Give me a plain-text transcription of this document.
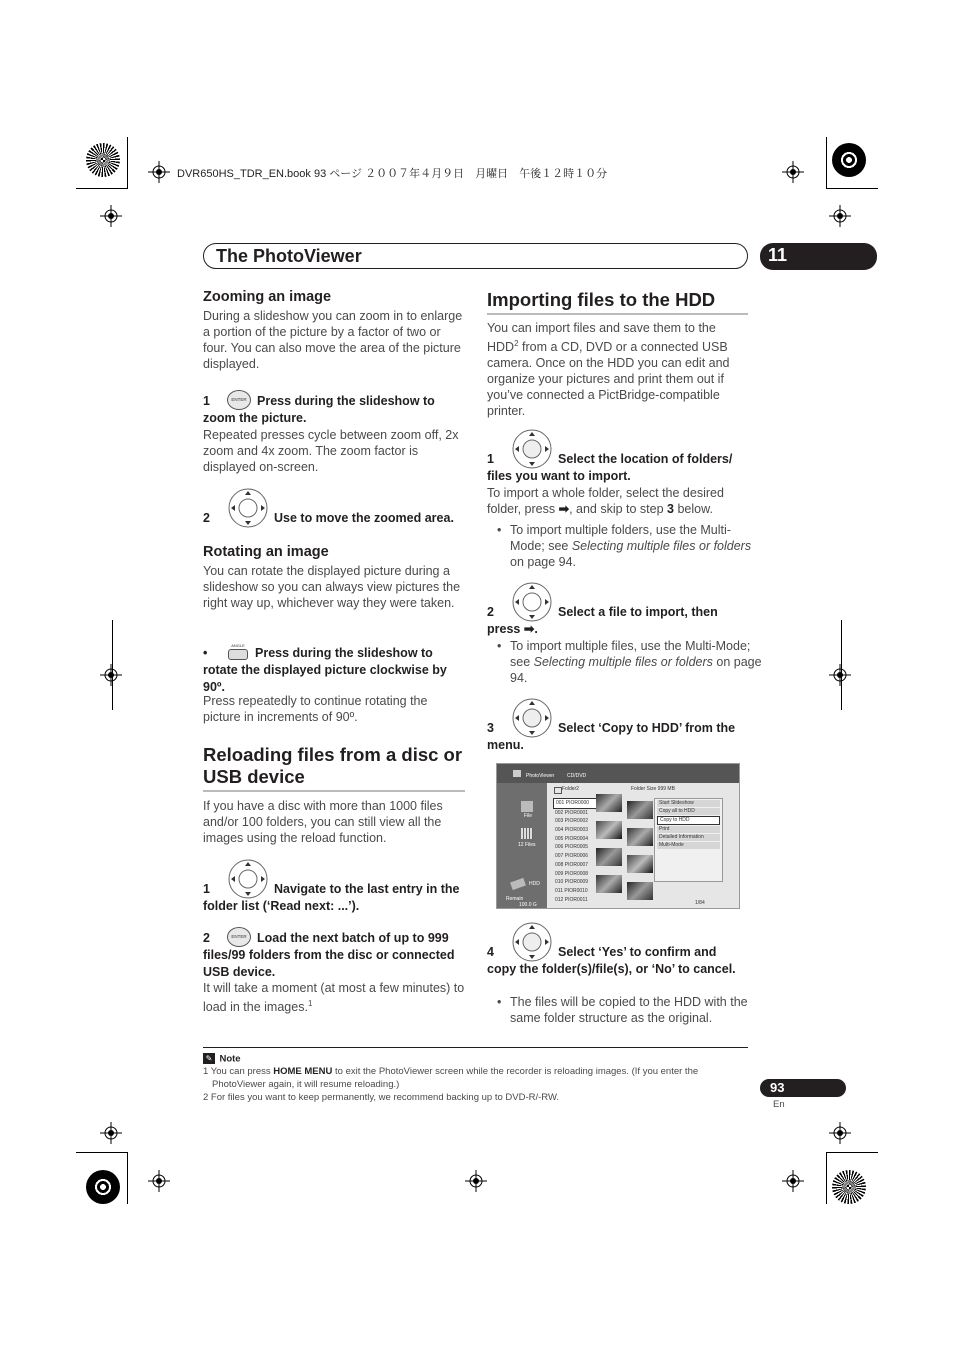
DVR650HS_TDR_EN.book 93 ページ ２００７年４月９日　月曜日　午後１２時１０分
The PhotoViewer	11
Zooming an image
During a slideshow you can zoom in to enlarge a portion of the picture by a factor of two or four. You can also move the area of the picture displayed.
1	ENTER Press during the slideshow to zoom the picture.
Repeated presses cycle between zoom off, 2x zoom and 4x zoom. The zoom factor is displayed on-screen.
2	Use to move the zoomed area.
Rotating an image
You can rotate the displayed picture during a slideshow so you can always view pictures the right way up, whichever way they were taken.
•
ANGLE
Press during the slideshow to rotate the displayed picture clockwise by 90º.
Press repeatedly to continue rotating the picture in increments of 90º.
Reloading files from a disc or USB device
If you have a disc with more than 1000 files and/or 100 folders, you can still view all the images using the reload function.
1	Navigate to the last entry in the folder list (‘Read next: ...’).
2	ENTER Load the next batch of up to 999 files/99 folders from the disc or connected USB device.
It will take a moment (at most a few minutes) to load in the images.$^1$
Importing files to the HDD
You can import files and save them to the HDD$^2$ from a CD, DVD or a connected USB camera. Once on the HDD you can edit and organize your pictures and print them out if you’ve connected a PictBridge-compatible printer.
1	Select the location of folders/ files you want to import.
To import a whole folder, select the desired folder, press ➡, and skip to step 3 below.
• To import multiple folders, use the Multi-Mode; see Selecting multiple files or folders on page 94.
2	Select a file to import, then press ➡.
• To import multiple files, use the Multi-Mode; see Selecting multiple files or folders on page 94.
3	Select ‘Copy to HDD’ from the menu.
PhotoViewer	CD/DVD
File
12 Files
HDD
Remain
100.0 G
Folder2	Folder Size 999 MB
001 PIOR0000
002 PIOR0001
003 PIOR0002
004 PIOR0003
005 PIOR0004
006 PIOR0005
007 PIOR0006
008 PIOR0007
009 PIOR0008
010 PIOR0009
011 PIOR0010
012 PIOR0011
Start Slideshow
Copy all to HDD
Copy to HDD
Print
Detailed Information
Multi-Mode
1/84
4	Select ‘Yes’ to confirm and copy the folder(s)/file(s), or ‘No’ to cancel.
• The files will be copied to the HDD with the same folder structure as the original.
✎ Note
1 You can press HOME MENU to exit the PhotoViewer screen while the recorder is reloading images. (If you enter the PhotoViewer again, it will resume reloading.)
2 For files you want to keep permanently, we recommend backing up to DVD-R/-RW.
93
En
